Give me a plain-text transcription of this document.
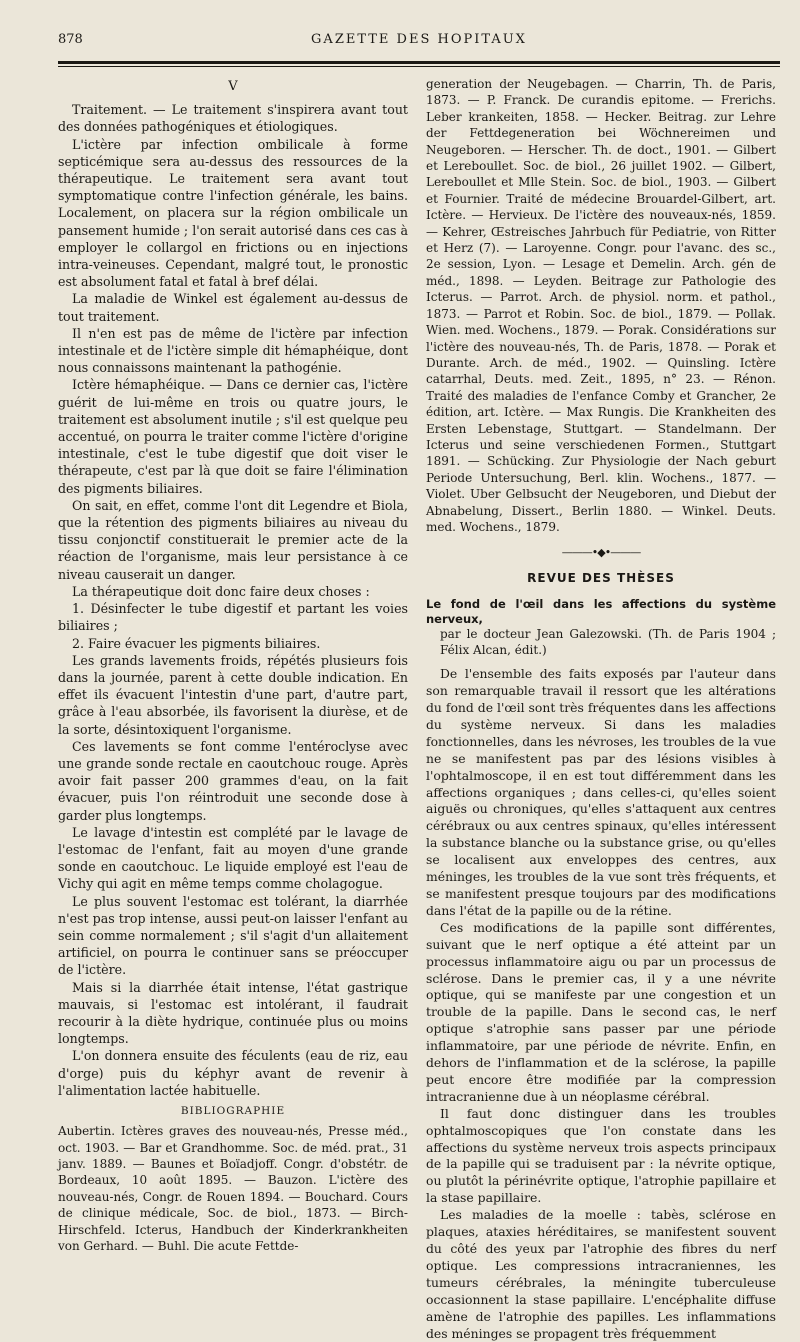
878	GAZETTE DES HOPITAUX
V

Traitement. — Le traitement s'inspirera avant tout des données pathogéniques et étiologiques.

L'ictère par infection ombilicale à forme septicémique sera au-dessus des ressources de la thérapeutique. Le traitement sera avant tout symptomatique contre l'infection générale, les bains. Localement, on placera sur la région ombilicale un pansement humide ; l'on serait autorisé dans ces cas à employer le collargol en frictions ou en injections intra-veineuses. Cependant, malgré tout, le pronostic est absolument fatal et fatal à bref délai.

La maladie de Winkel est également au-dessus de tout traitement.

Il n'en est pas de même de l'ictère par infection intestinale et de l'ictère simple dit hémaphéique, dont nous connaissons maintenant la pathogénie.

Ictère hémaphéique. — Dans ce dernier cas, l'ictère guérit de lui-même en trois ou quatre jours, le traitement est absolument inutile ; s'il est quelque peu accentué, on pourra le traiter comme l'ictère d'origine intestinale, c'est le tube digestif que doit viser le thérapeute, c'est par là que doit se faire l'élimination des pigments biliaires.

On sait, en effet, comme l'ont dit Legendre et Biola, que la rétention des pigments biliaires au niveau du tissu conjonctif constituerait le premier acte de la réaction de l'organisme, mais leur persistance à ce niveau causerait un danger.

La thérapeutique doit donc faire deux choses :

1. Désinfecter le tube digestif et partant les voies biliaires ;

2. Faire évacuer les pigments biliaires.

Les grands lavements froids, répétés plusieurs fois dans la journée, parent à cette double indication. En effet ils évacuent l'intestin d'une part, d'autre part, grâce à l'eau absorbée, ils favorisent la diurèse, et de la sorte, désintoxiquent l'organisme.

Ces lavements se font comme l'entéroclyse avec une grande sonde rectale en caoutchouc rouge. Après avoir fait passer 200 grammes d'eau, on la fait évacuer, puis l'on réintroduit une seconde dose à garder plus longtemps.

Le lavage d'intestin est complété par le lavage de l'estomac de l'enfant, fait au moyen d'une grande sonde en caoutchouc. Le liquide employé est l'eau de Vichy qui agit en même temps comme cholagogue.

Le plus souvent l'estomac est tolérant, la diarrhée n'est pas trop intense, aussi peut-on laisser l'enfant au sein comme normalement ; s'il s'agit d'un allaitement artificiel, on pourra le continuer sans se préoccuper de l'ictère.

Mais si la diarrhée était intense, l'état gastrique mauvais, si l'estomac est intolérant, il faudrait recourir à la diète hydrique, continuée plus ou moins longtemps.

L'on donnera ensuite des féculents (eau de riz, eau d'orge) puis du képhyr avant de revenir à l'alimentation lactée habituelle.

BIBLIOGRAPHIE

Aubertin. Ictères graves des nouveau-nés, Presse méd., oct. 1903. — Bar et Grandhomme. Soc. de méd. prat., 31 janv. 1889. — Baunes et Boïadjoff. Congr. d'obstétr. de Bordeaux, 10 août 1895. — Bauzon. L'ictère des nouveau-nés, Congr. de Rouen 1894. — Bouchard. Cours de clinique médicale, Soc. de biol., 1873. — Birch-Hirschfeld. Icterus, Handbuch der Kinderkrankheiten von Gerhard. — Buhl. Die acute Fettde-

generation der Neugebagen. — Charrin, Th. de Paris, 1873. — P. Franck. De curandis epitome. — Frerichs. Leber krankeiten, 1858. — Hecker. Beitrag. zur Lehre der Fettdegeneration bei Wöchnereimen und Neugeboren. — Herscher. Th. de doct., 1901. — Gilbert et Lereboullet. Soc. de biol., 26 juillet 1902. — Gilbert, Lereboullet et Mlle Stein. Soc. de biol., 1903. — Gilbert et Fournier. Traité de médecine Brouardel-Gilbert, art. Ictère. — Hervieux. De l'ictère des nouveaux-nés, 1859. — Kehrer, Œstreisches Jahrbuch für Pediatrie, von Ritter et Herz (7). — Laroyenne. Congr. pour l'avanc. des sc., 2e session, Lyon. — Lesage et Demelin. Arch. gén de méd., 1898. — Leyden. Beitrage zur Pathologie des Icterus. — Parrot. Arch. de physiol. norm. et pathol., 1873. — Parrot et Robin. Soc. de biol., 1879. — Pollak. Wien. med. Wochens., 1879. — Porak. Considérations sur l'ictère des nouveau-nés, Th. de Paris, 1878. — Porak et Durante. Arch. de méd., 1902. — Quinsling. Ictère catarrhal, Deuts. med. Zeit., 1895, n° 23. — Rénon. Traité des maladies de l'enfance Comby et Grancher, 2e édition, art. Ictère. — Max Rungis. Die Krankheiten des Ersten Lebenstage, Stuttgart. — Standelmann. Der Icterus und seine verschiedenen Formen., Stuttgart 1891. — Schücking. Zur Physiologie der Nach geburt Periode Untersuchung, Berl. klin. Wochens., 1877. — Violet. Uber Gelbsucht der Neugeboren, und Diebut der Abnabelung, Dissert., Berlin 1880. — Winkel. Deuts. med. Wochens., 1879.

———•◆•———
REVUE DES THÈSES

Le fond de l'œil dans les affections du système nerveux,

par le docteur Jean Galezowski. (Th. de Paris 1904 ; Félix Alcan, édit.)

De l'ensemble des faits exposés par l'auteur dans son remarquable travail il ressort que les altérations du fond de l'œil sont très fréquentes dans les affections du système nerveux. Si dans les maladies fonctionnelles, dans les névroses, les troubles de la vue ne se manifestent pas par des lésions visibles à l'ophtalmoscope, il en est tout différemment dans les affections organiques ; dans celles-ci, qu'elles soient aiguës ou chroniques, qu'elles s'attaquent aux centres cérébraux ou aux centres spinaux, qu'elles intéressent la substance blanche ou la substance grise, ou qu'elles se localisent aux enveloppes des centres, aux méninges, les troubles de la vue sont très fréquents, et se manifestent presque toujours par des modifications dans l'état de la papille ou de la rétine.

Ces modifications de la papille sont différentes, suivant que le nerf optique a été atteint par un processus inflammatoire aigu ou par un processus de sclérose. Dans le premier cas, il y a une névrite optique, qui se manifeste par une congestion et un trouble de la papille. Dans le second cas, le nerf optique s'atrophie sans passer par une période inflammatoire, par une période de névrite. Enfin, en dehors de l'inflammation et de la sclérose, la papille peut encore être modifiée par la compression intracranienne due à un néoplasme cérébral.

Il faut donc distinguer dans les troubles ophtalmoscopiques que l'on constate dans les affections du système nerveux trois aspects principaux de la papille qui se traduisent par : la névrite optique, ou plutôt la périnévrite optique, l'atrophie papillaire et la stase papillaire.

Les maladies de la moelle : tabès, sclérose en plaques, ataxies héréditaires, se manifestent souvent du côté des yeux par l'atrophie des fibres du nerf optique. Les compressions intracraniennes, les tumeurs cérébrales, la méningite tuberculeuse occasionnent la stase papillaire. L'encéphalite diffuse amène de l'atrophie des papilles. Les inflammations des méninges se propagent très fréquemment
